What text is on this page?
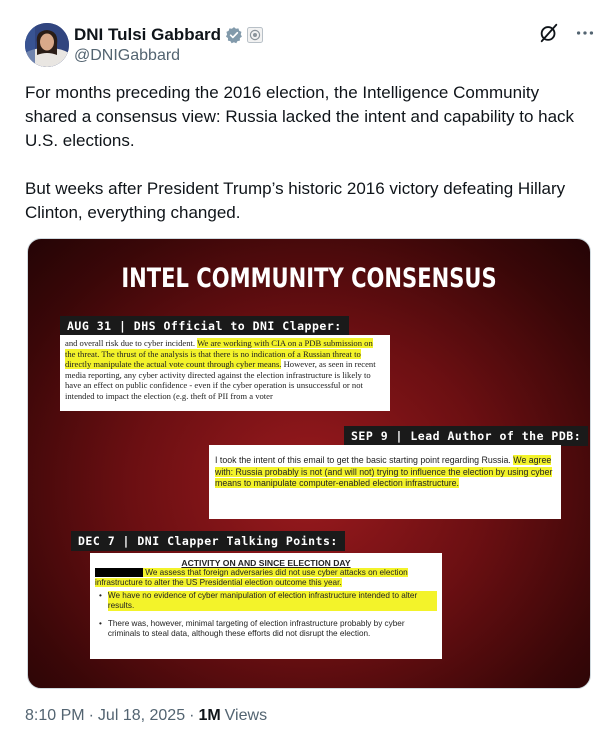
DNI Tulsi Gabbard
@DNIGabbard

For months preceding the 2016 election, the Intelligence Community shared a consensus view: Russia lacked the intent and capability to hack U.S. elections.

But weeks after President Trump’s historic 2016 victory defeating Hillary Clinton, everything changed.

INTEL COMMUNITY CONSENSUS
AUG 31 | DHS Official to DNI Clapper:
and overall risk due to cyber incident. We are working with CIA on a PDB submission on the threat. The thrust of the analysis is that there is no indication of a Russian threat to directly manipulate the actual vote count through cyber means. However, as seen in recent media reporting, any cyber activity directed against the election infrastructure is likely to have an effect on public confidence - even if the cyber operation is unsuccessful or not intended to impact the election (e.g. theft of PII from a voter
SEP 9 | Lead Author of the PDB:
I took the intent of this email to get the basic starting point regarding Russia. We agree with: Russia probably is not (and will not) trying to influence the election by using cyber means to manipulate computer-enabled election infrastructure.
DEC 7 | DNI Clapper Talking Points:
ACTIVITY ON AND SINCE ELECTION DAY
We assess that foreign adversaries did not use cyber attacks on election infrastructure to alter the US Presidential election outcome this year.
• We have no evidence of cyber manipulation of election infrastructure intended to alter results.
• There was, however, minimal targeting of election infrastructure probably by cyber criminals to steal data, although these efforts did not disrupt the election.
8:10 PM · Jul 18, 2025 · 1M Views
